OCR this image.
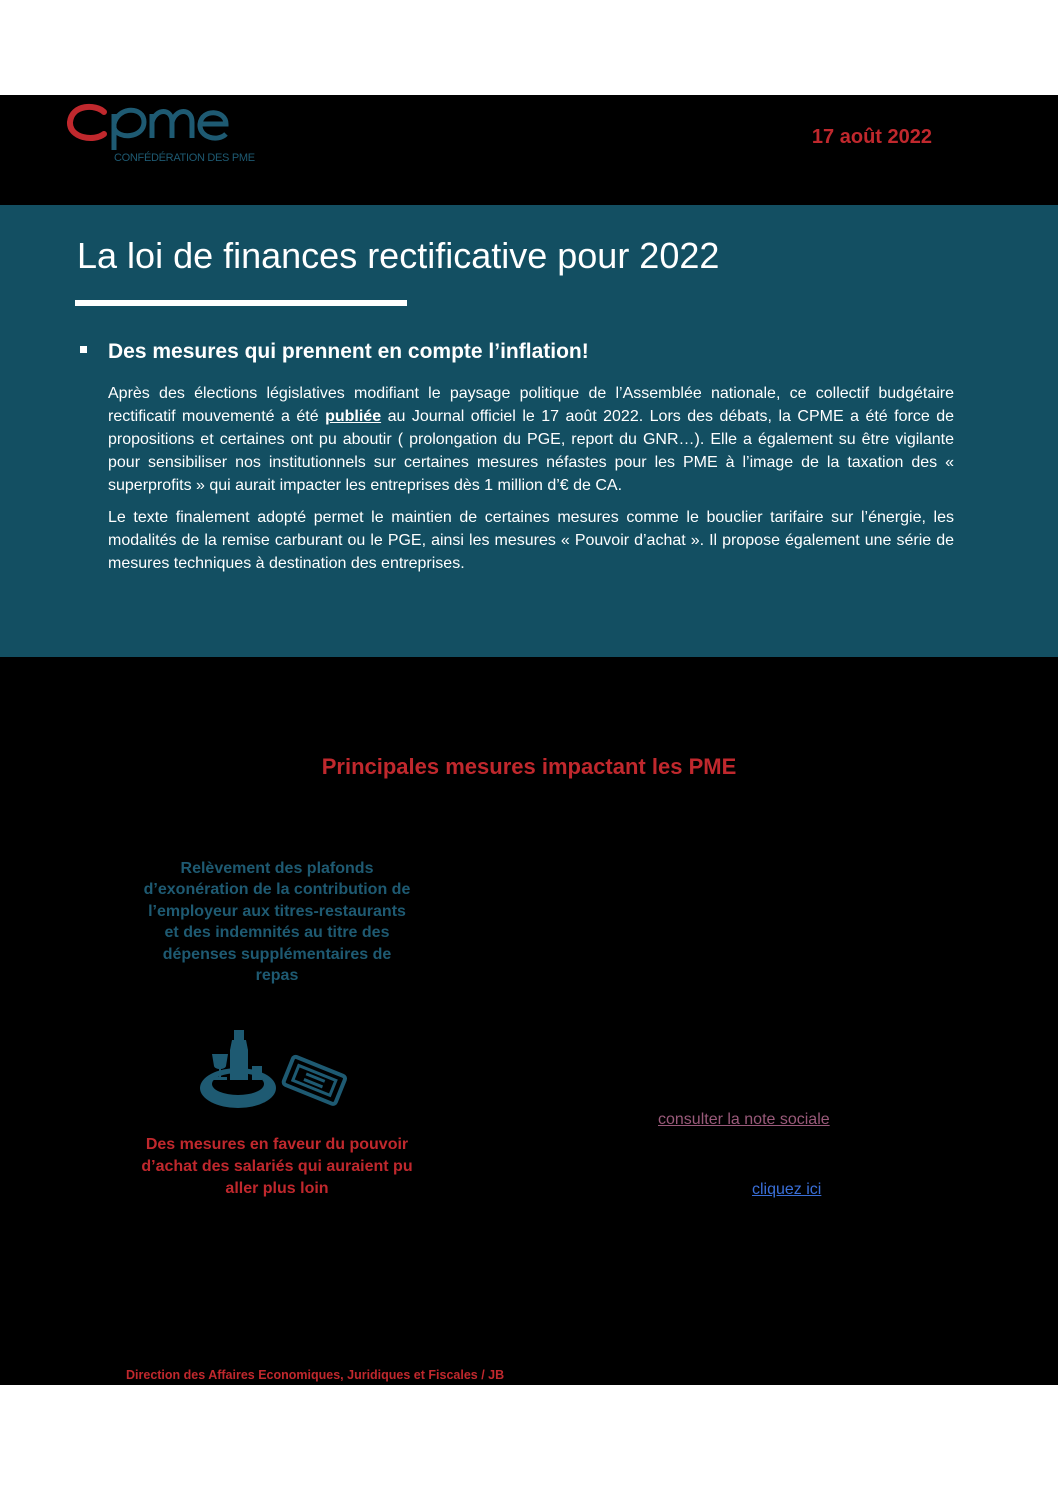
CONFÉDÉRATION DES PME
17 août 2022
La loi de finances rectificative pour 2022
Des mesures qui prennent en compte l’inflation!

Après des élections législatives modifiant le paysage politique de l’Assemblée nationale, ce collectif budgétaire rectificatif mouvementé a été publiée au Journal officiel le 17 août 2022. Lors des débats, la CPME a été force de propositions et certaines ont pu aboutir ( prolongation du PGE, report du GNR…). Elle a également su être vigilante pour sensibiliser nos institutionnels sur certaines mesures néfastes pour les PME à l’image de la taxation des « superprofits » qui aurait impacter les entreprises dès 1 million d’€ de CA.

Le texte finalement adopté permet le maintien de certaines mesures comme le bouclier tarifaire sur l’énergie, les modalités de la remise carburant ou le PGE, ainsi les mesures « Pouvoir d’achat ». Il propose également une série de mesures techniques à destination des entreprises.

Principales mesures impactant les PME
Relèvement des plafonds d’exonération de la contribution de l’employeur aux titres-restaurants et des indemnités au titre des dépenses supplémentaires de repas
Des mesures en faveur du pouvoir d’achat des salariés qui auraient pu aller plus loin
consulter la note sociale
cliquez ici
Direction des Affaires Economiques, Juridiques et Fiscales / JB
